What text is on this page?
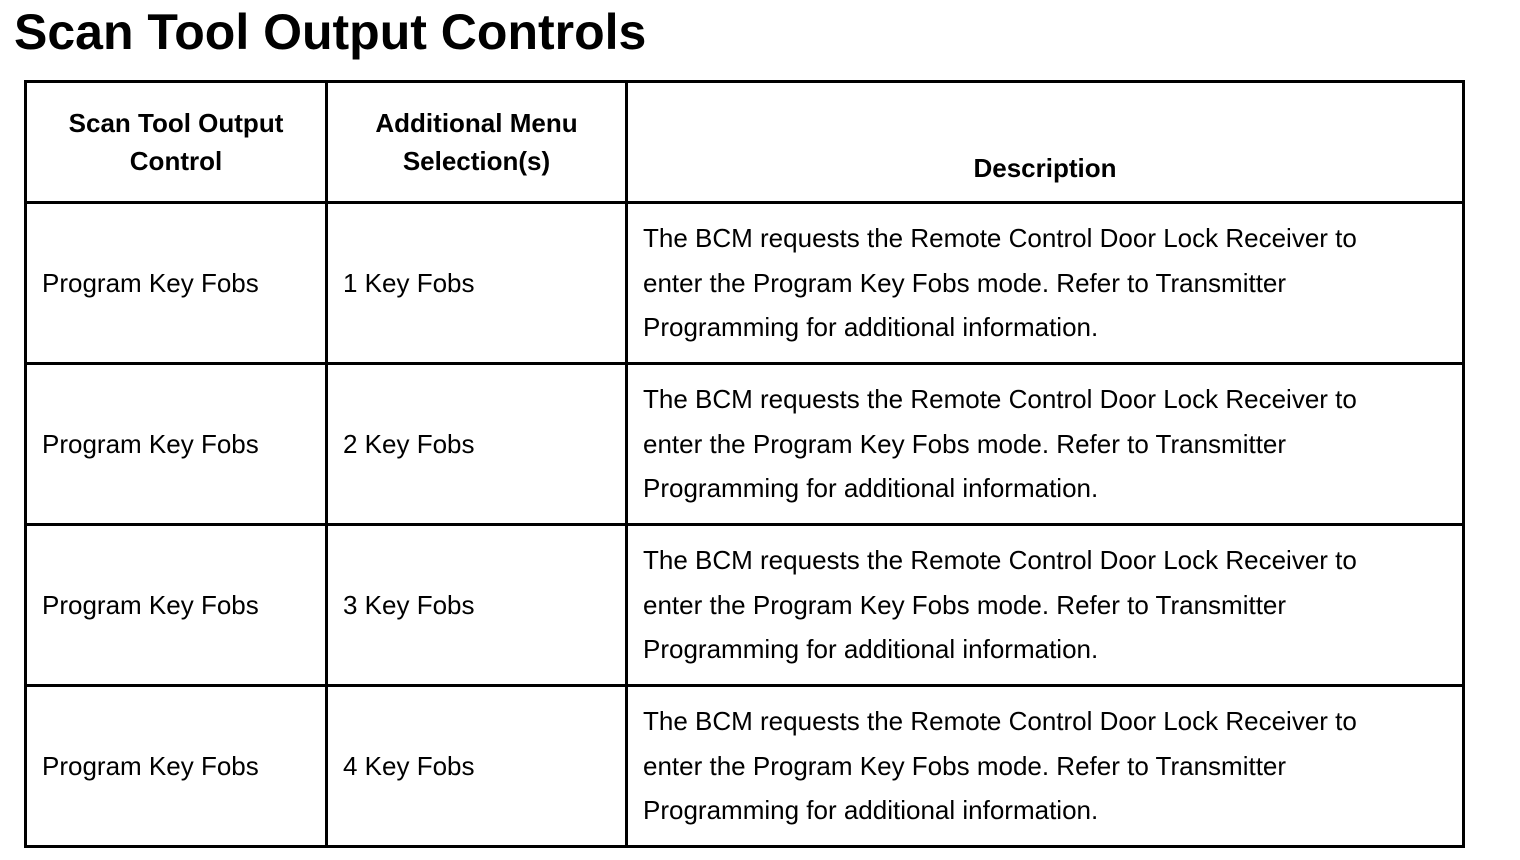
Scan Tool Output Controls
Scan Tool Output Control	Additional Menu Selection(s)	Description
Program Key Fobs	1 Key Fobs	The BCM requests the Remote Control Door Lock Receiver to enter the Program Key Fobs mode. Refer to Transmitter Programming for additional information.
Program Key Fobs	2 Key Fobs	The BCM requests the Remote Control Door Lock Receiver to enter the Program Key Fobs mode. Refer to Transmitter Programming for additional information.
Program Key Fobs	3 Key Fobs	The BCM requests the Remote Control Door Lock Receiver to enter the Program Key Fobs mode. Refer to Transmitter Programming for additional information.
Program Key Fobs	4 Key Fobs	The BCM requests the Remote Control Door Lock Receiver to enter the Program Key Fobs mode. Refer to Transmitter Programming for additional information.
